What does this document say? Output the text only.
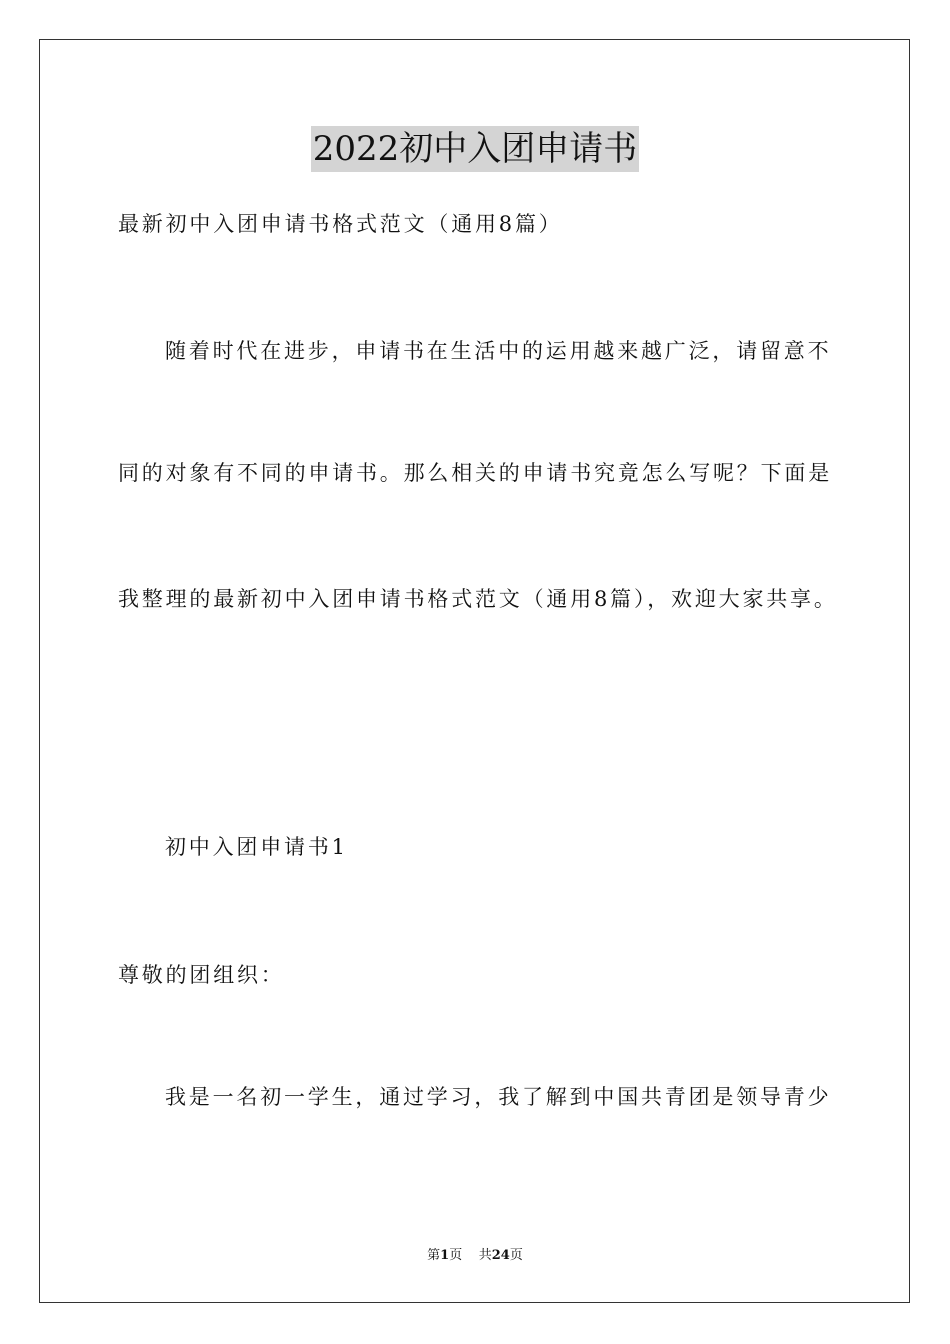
2022初中入团申请书
最新初中入团申请书格式范文（通用8篇）
随着时代在进步，申请书在生活中的运用越来越广泛，请留意不
同的对象有不同的申请书。那么相关的申请书究竟怎么写呢？下面是
我整理的最新初中入团申请书格式范文（通用8篇），欢迎大家共享。
初中入团申请书1
尊敬的团组织：
我是一名初一学生，通过学习，我了解到中国共青团是领导青少
第1页 共24页
